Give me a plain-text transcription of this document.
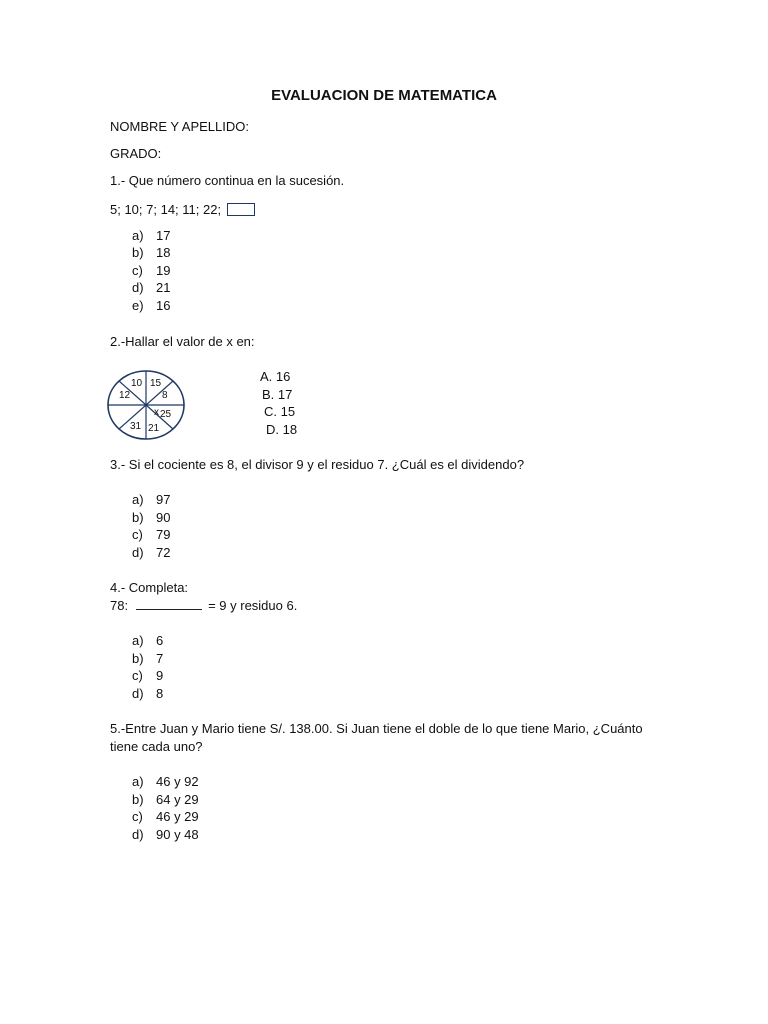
EVALUACION DE MATEMATICA
NOMBRE Y APELLIDO:
GRADO:
1.- Que número continua en la sucesión.
5; 10; 7; 14; 11; 22;
a) 17
b) 18
c) 19
d) 21
e) 16
2.-Hallar el valor de x en:
10 15
12	8
x 25
31 21
A. 16
B. 17
C. 15
D. 18
3.- Si el cociente es 8, el divisor 9 y el residuo 7. ¿Cuál es el dividendo?
a) 97
b) 90
c) 79
d) 72
4.- Completa:
78:	= 9 y residuo 6.
a) 6
b) 7
c) 9
d) 8
5.-Entre Juan y Mario tiene S/. 138.00. Si Juan tiene el doble de lo que tiene Mario, ¿Cuánto
tiene cada uno?
a) 46 y 92
b) 64 y 29
c) 46 y 29
d) 90 y 48
